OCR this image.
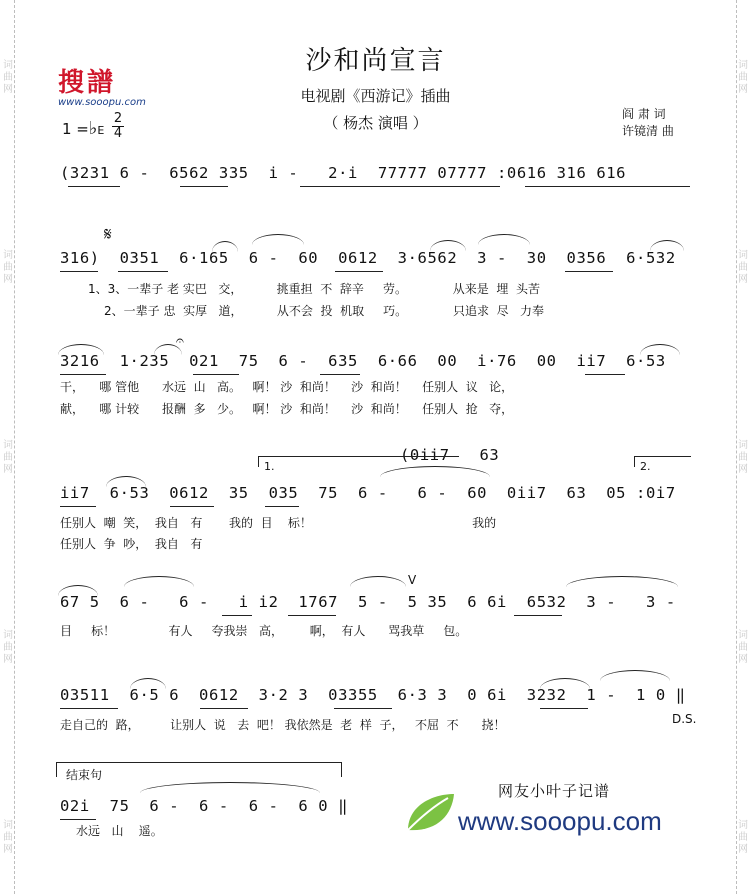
词曲网
词曲网
词曲网
词曲网
词曲网
词曲网
词曲网
词曲网
词曲网
词曲网
搜譜
www.sooopu.com
沙和尚宣言
电视剧《西游记》插曲
（ 杨杰 演唱 ）	阎 肃 词
许镜清 曲
1 =♭E
2
4
(3231 6 -  6562 335  i -   2·i  77777 07777 :0616 316 616
𝄋
316)  0351  6·165  6 -  60  0612  3·6562  3 -  30  0356  6·532
1、3、一辈子 老 实巴   交，         挑重担  不  辞辛     劳。            从来是  埋  头苦
2、一辈子 忠  实厚   道，         从不会  投  机取     巧。            只追求  尽   力奉
𝄐
3216  1·235  021  75  6 -  635  6·66  00  i·76  00  ii7  6·53
干，    哪 管他      水远  山   高。   啊！ 沙  和尚！    沙  和尚！    任别人  议   论，
献，    哪 计较      报酬  多   少。   啊！ 沙  和尚！    沙  和尚！    任别人  抢   夺，
(0ii7   63
1.	2.
ii7  6·53  0612  35  035  75  6 -   6 -  60  0ii7  63  05 :0i7
任别人  嘲  笑，  我自   有       我的  目    标！                                          我的
任别人  争  吵，  我自   有
V
67 5  6 -   6 -   i i2  1767  5 -  5 35  6 6i  6532  3 -   3 -
目     标！              有人     夸我崇   高，       啊，  有人      骂我草     包。
03511  6·5 6  0612  3·2 3  03355  6·3 3  0 6i  3232  1 -  1 0 ‖
走自己的  路，        让别人  说   去  吧！ 我依然是  老  样  子，   不屈  不      挠！	D.S.
结束句
02i  75  6 -  6 -  6 -  6 0 ‖
水远   山    遥。
网友小叶子记谱
www.sooopu.com
